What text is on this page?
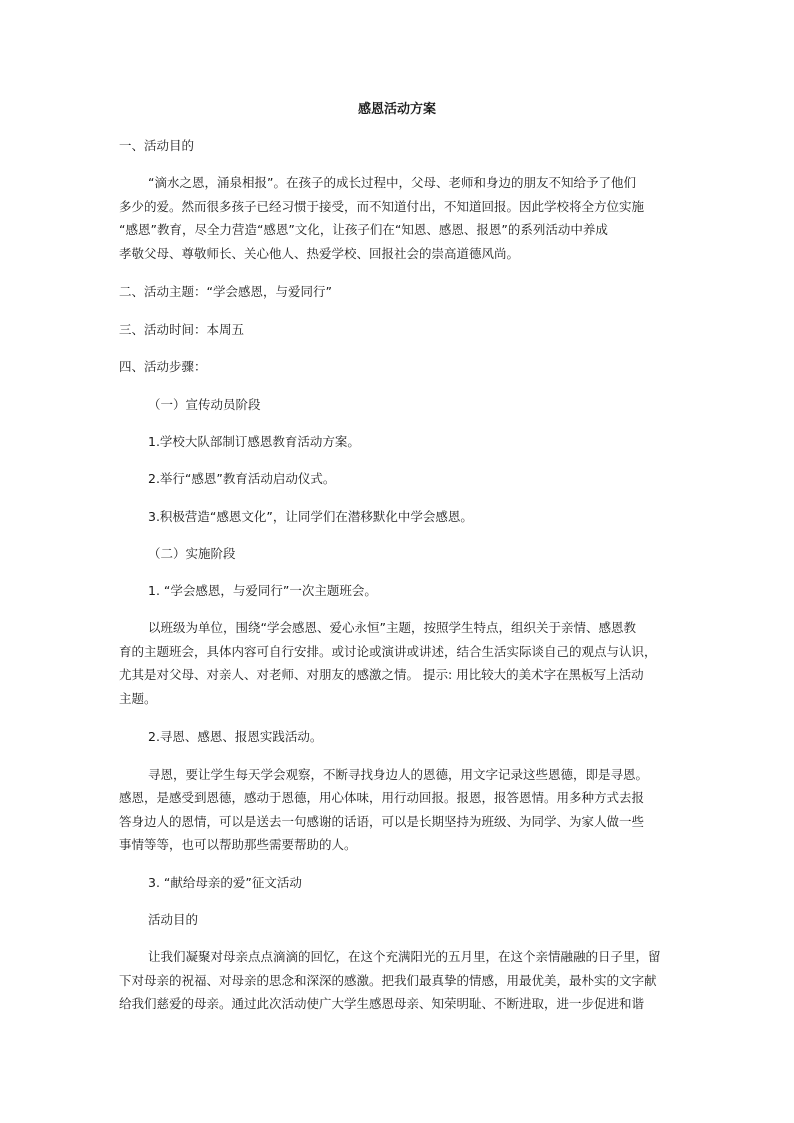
感恩活动方案
一、活动目的
“滴水之恩，涌泉相报”。在孩子的成长过程中，父母、老师和身边的朋友不知给予了他们
多少的爱。然而很多孩子已经习惯于接受，而不知道付出，不知道回报。因此学校将全方位实施
“感恩”教育，尽全力营造“感恩”文化，让孩子们在“知恩、感恩、报恩”的系列活动中养成
孝敬父母、尊敬师长、关心他人、热爱学校、回报社会的崇高道德风尚。
二、活动主题：“学会感恩，与爱同行”
三、活动时间：本周五
四、活动步骤：
（一）宣传动员阶段
1.学校大队部制订感恩教育活动方案。
2.举行“感恩”教育活动启动仪式。
3.积极营造“感恩文化”，让同学们在潜移默化中学会感恩。
（二）实施阶段
1. “学会感恩，与爱同行”一次主题班会。
以班级为单位，围绕“学会感恩、爱心永恒”主题，按照学生特点，组织关于亲情、感恩教
育的主题班会，具体内容可自行安排。或讨论或演讲或讲述，结合生活实际谈自己的观点与认识，
尤其是对父母、对亲人、对老师、对朋友的感激之情。 提示: 用比较大的美术字在黑板写上活动
主题。
2.寻恩、感恩、报恩实践活动。
寻恩，要让学生每天学会观察，不断寻找身边人的恩德，用文字记录这些恩德，即是寻恩。
感恩，是感受到恩德，感动于恩德，用心体味，用行动回报。报恩，报答恩情。用多种方式去报
答身边人的恩情，可以是送去一句感谢的话语，可以是长期坚持为班级、为同学、为家人做一些
事情等等，也可以帮助那些需要帮助的人。
3. “献给母亲的爱”征文活动
活动目的
让我们凝聚对母亲点点滴滴的回忆，在这个充满阳光的五月里，在这个亲情融融的日子里，留
下对母亲的祝福、对母亲的思念和深深的感激。把我们最真挚的情感，用最优美，最朴实的文字献
给我们慈爱的母亲。通过此次活动使广大学生感恩母亲、知荣明耻、不断进取，进一步促进和谐
